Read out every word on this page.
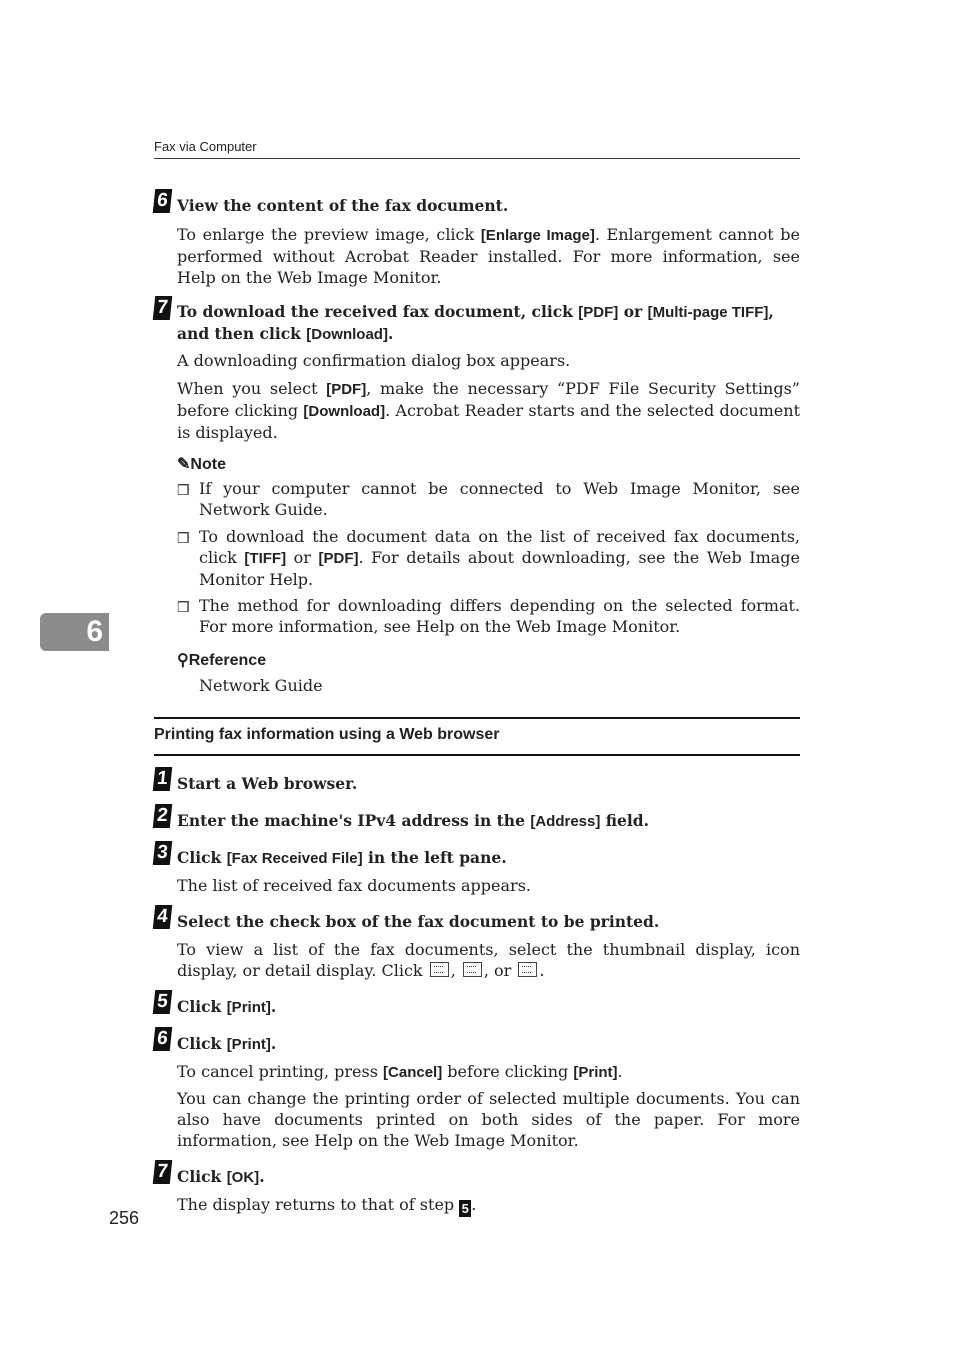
Fax via Computer
6
6 View the content of the fax document.
To enlarge the preview image, click [Enlarge Image]. Enlargement cannot be performed without Acrobat Reader installed. For more information, see Help on the Web Image Monitor.
7 To download the received fax document, click [PDF] or [Multi-page TIFF], and then click [Download].
A downloading confirmation dialog box appears.
When you select [PDF], make the necessary “PDF File Security Settings” before clicking [Download]. Acrobat Reader starts and the selected document is displayed.
✎Note
❒ If your computer cannot be connected to Web Image Monitor, see Network Guide.
❒ To download the document data on the list of received fax documents, click [TIFF] or [PDF]. For details about downloading, see the Web Image Monitor Help.
❒ The method for downloading differs depending on the selected format. For more information, see Help on the Web Image Monitor.
⚲Reference
Network Guide
Printing fax information using a Web browser
1 Start a Web browser.
2 Enter the machine's IPv4 address in the [Address] field.
3 Click [Fax Received File] in the left pane.
The list of received fax documents appears.
4 Select the check box of the fax document to be printed.
To view a list of the fax documents, select the thumbnail display, icon display, or detail display. Click , , or .
5 Click [Print].
6 Click [Print].
To cancel printing, press [Cancel] before clicking [Print].
You can change the printing order of selected multiple documents. You can also have documents printed on both sides of the paper. For more information, see Help on the Web Image Monitor.
7 Click [OK].
The display returns to that of step 5 .
256
